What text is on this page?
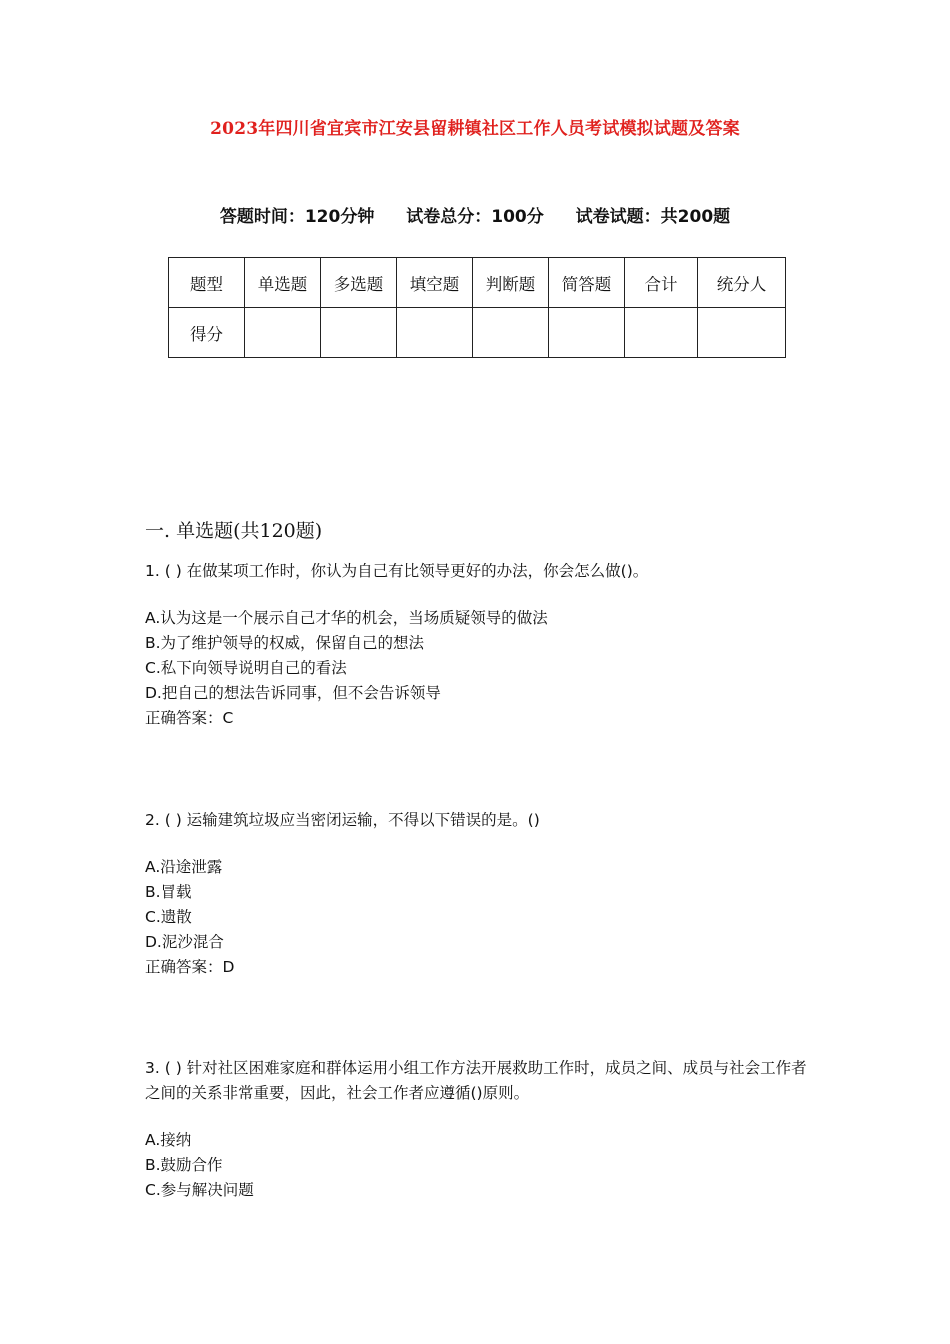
2023年四川省宜宾市江安县留耕镇社区工作人员考试模拟试题及答案
答题时间：120分钟 试卷总分：100分 试卷试题：共200题
题型	单选题	多选题	填空题	判断题	简答题	合计	统分人
得分							
一. 单选题(共120题)
1. ( ) 在做某项工作时，你认为自己有比领导更好的办法，你会怎么做()。
A.认为这是一个展示自己才华的机会，当场质疑领导的做法
B.为了维护领导的权威，保留自己的想法
C.私下向领导说明自己的看法
D.把自己的想法告诉同事，但不会告诉领导
正确答案：C
2. ( ) 运输建筑垃圾应当密闭运输，不得以下错误的是。()
A.沿途泄露
B.冒载
C.遗散
D.泥沙混合
正确答案：D
3. ( ) 针对社区困难家庭和群体运用小组工作方法开展救助工作时，成员之间、成员与社会工作者之间的关系非常重要，因此，社会工作者应遵循()原则。
A.接纳
B.鼓励合作
C.参与解决问题
